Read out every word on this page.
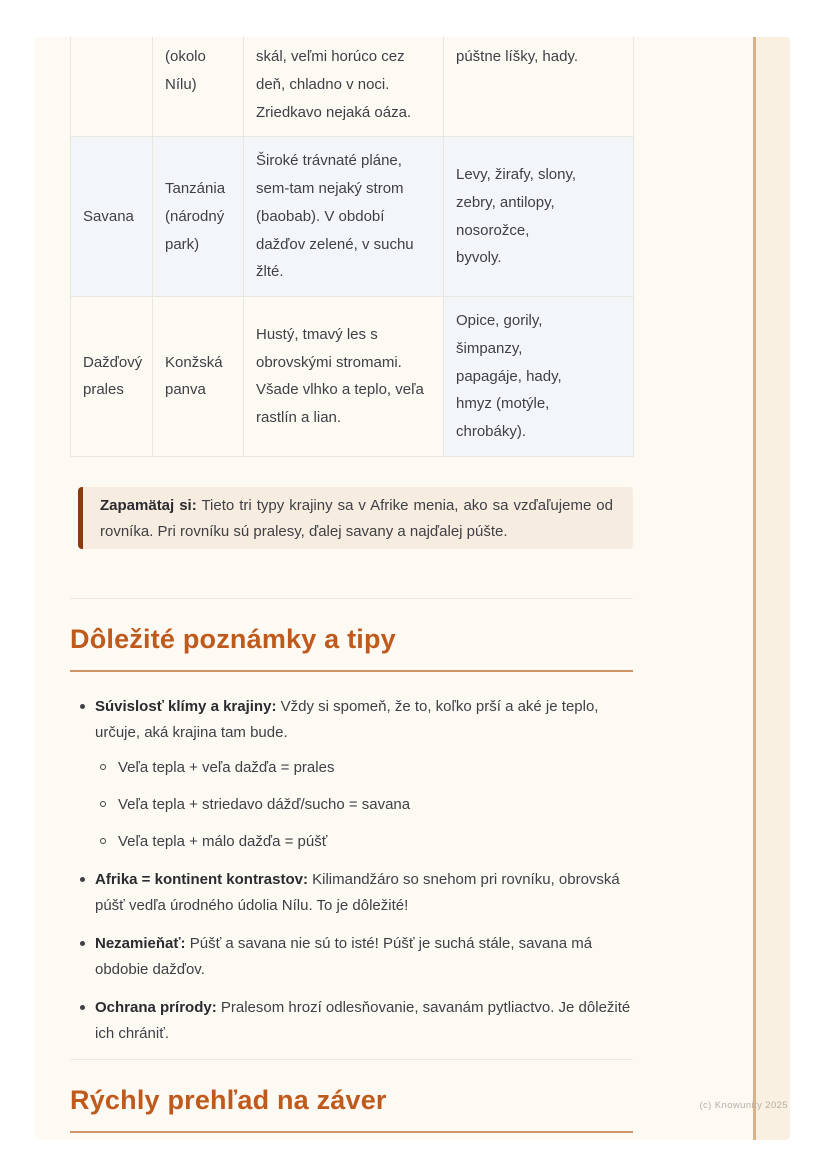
	(okolo Nílu)	skál, veľmi horúco cez deň, chladno v noci. Zriedkavo nejaká oáza.	púštne líšky, hady.

Savana	Tanzánia (národný park)	Široké trávnaté pláne, sem-tam nejaký strom (baobab). V období dažďov zelené, v suchu žlté.	Levy, žirafy, slony, zebry, antilopy, nosorožce, byvoly.

Dažďový prales	Konžská panva	Hustý, tmavý les s obrovskými stromami. Všade vlhko a teplo, veľa rastlín a lian.	Opice, gorily, šimpanzy, papagáje, hady, hmyz (motýle, chrobáky).

Zapamätaj si: Tieto tri typy krajiny sa v Afrike menia, ako sa vzďaľujeme od rovníka. Pri rovníku sú pralesy, ďalej savany a najďalej púšte.

Dôležité poznámky a tipy

Súvislosť klímy a krajiny: Vždy si spomeň, že to, koľko prší a aké je teplo, určuje, aká krajina tam bude.

Veľa tepla + veľa dažďa = prales

Veľa tepla + striedavo dážď/sucho = savana

Veľa tepla + málo dažďa = púšť

Afrika = kontinent kontrastov: Kilimandžáro so snehom pri rovníku, obrovská púšť vedľa úrodného údolia Nílu. To je dôležité!

Nezamieňať: Púšť a savana nie sú to isté! Púšť je suchá stále, savana má obdobie dažďov.

Ochrana prírody: Pralesom hrozí odlesňovanie, savanám pytliactvo. Je dôležité ich chrániť.

Rýchly prehľad na záver	(c) Knowunity 2025
